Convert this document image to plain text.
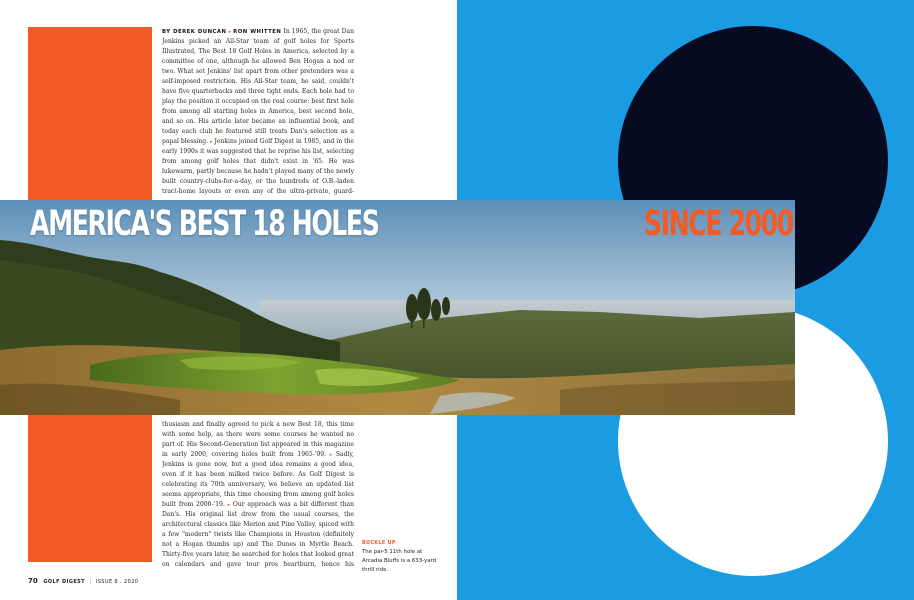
BY DEREK DUNCAN ▸ RON WHITTEN In 1965, the great Dan Jenkins picked an All-Star team of golf holes for Sports Illustrated, The Best 18 Golf Holes in America, selected by a committee of one, although he allowed Ben Hogan a nod or two. What set Jenkins' list apart from other pretenders was a self-imposed restriction. His All-Star team, he said, couldn't have five quarterbacks and three tight ends. Each hole had to play the position it occupied on the real course: best first hole from among all starting holes in America, best second hole, and so on. His article later became an influential book, and today each club he featured still treats Dan's selection as a papal blessing. ▸ Jenkins joined Golf Digest in 1985, and in the early 1990s it was suggested that he reprise his list, selecting from among golf holes that didn't exist in '65. He was lukewarm, partly because he hadn't played many of the newly built country-clubs-for-a-day, or the hundreds of O.B.-laden tract-home layouts or even any of the ultra-private, guard-
AMERICA'S BEST 18 HOLES	SINCE 2000
thusiasm and finally agreed to pick a new Best 18, this time with some help, as there were some courses he wanted no part of. His Second-Generation list appeared in this magazine in early 2000, covering holes built from 1965-'99. ▸ Sadly, Jenkins is gone now, but a good idea remains a good idea, even if it has been milked twice before. As Golf Digest is celebrating its 70th anniversary, we believe an updated list seems appropriate, this time choosing from among golf holes built from 2000-'19. ▸ Our approach was a bit different than Dan's. His original list drew from the usual courses, the architectural classics like Merion and Pine Valley, spiced with a few "modern" twists like Champions in Houston (definitely not a Hogan thumbs up) and The Dunes in Myrtle Beach. Thirty-five years later, he searched for holes that looked great on calendars and gave tour pros heartburn, hence his
BUCKLE UP
The par-5 11th hole at Arcadia Bluffs is a 633-yard thrill ride.
70 GOLF DIGEST | ISSUE 6 . 2020
